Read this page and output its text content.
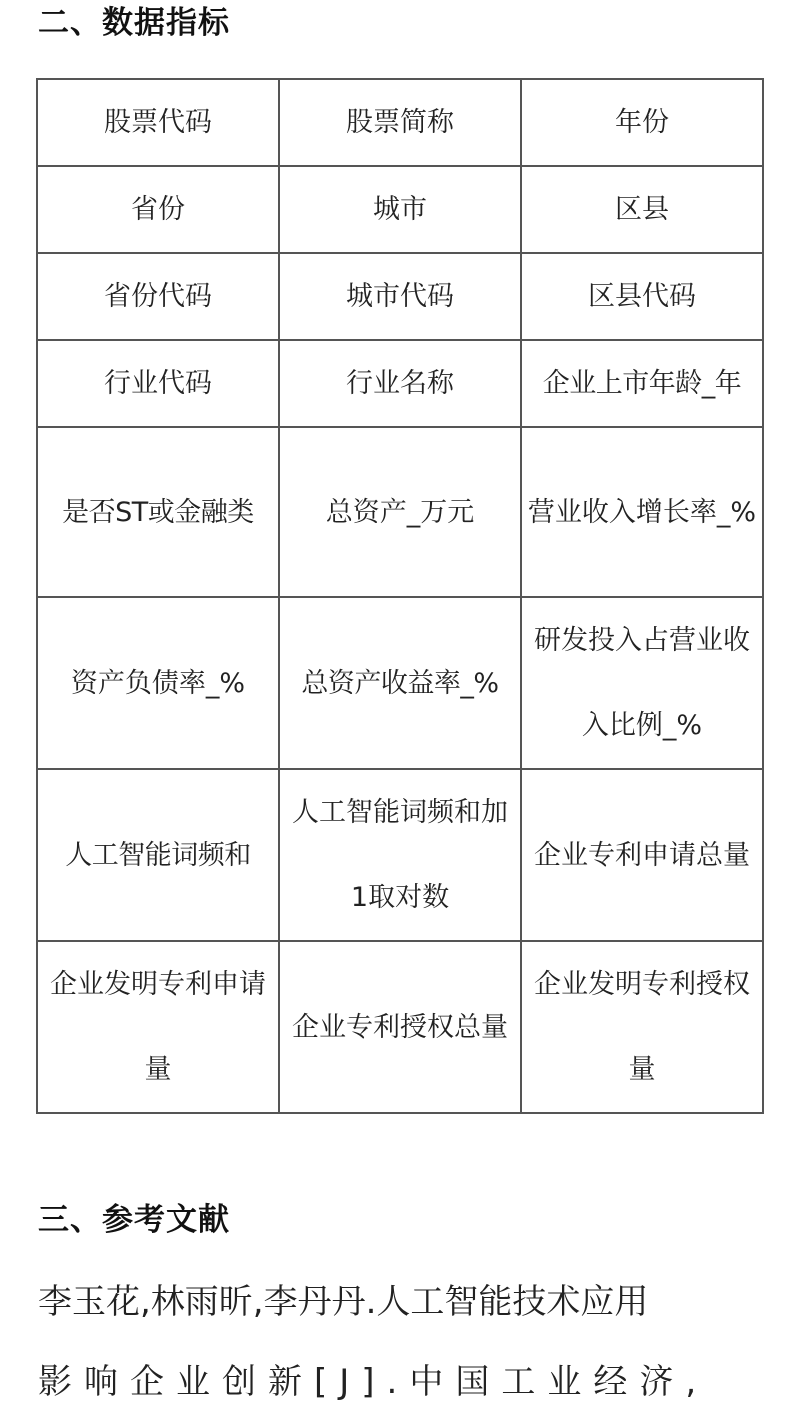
二、数据指标
股票代码	股票简称	年份
省份	城市	区县
省份代码	城市代码	区县代码
行业代码	行业名称	企业上市年龄_年
是否ST或金融类	总资产_万元	营业收入增长率_%
资产负债率_%	总资产收益率_%	研发投入占营业收入比例_%
人工智能词频和	人工智能词频和加1取对数	企业专利申请总量
企业发明专利申请量	企业专利授权总量	企业发明专利授权量
三、参考文献
李玉花,林雨昕,李丹丹.人工智能技术应用
影响企业创新[J].中国工业经济,
